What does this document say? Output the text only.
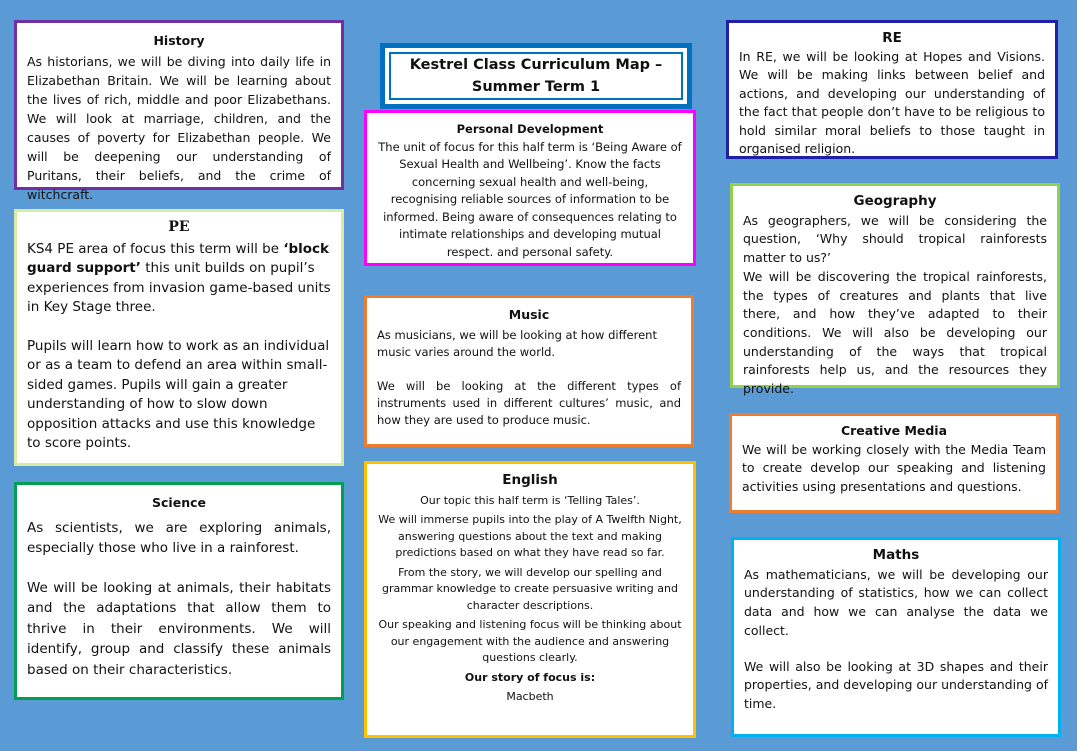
History

As historians, we will be diving into daily life in Elizabethan Britain. We will be learning about the lives of rich, middle and poor Elizabethans. We will look at marriage, children, and the causes of poverty for Elizabethan people. We will be deepening our understanding of Puritans, their beliefs, and the crime of witchcraft.

PE

KS4 PE area of focus this term will be ‘block guard support’ this unit builds on pupil’s experiences from invasion game-based units in Key Stage three.

Pupils will learn how to work as an individual or as a team to defend an area within small-sided games. Pupils will gain a greater understanding of how to slow down opposition attacks and use this knowledge to score points.

Science

As scientists, we are exploring animals, especially those who live in a rainforest.

We will be looking at animals, their habitats and the adaptations that allow them to thrive in their environments. We will identify, group and classify these animals based on their characteristics.

Kestrel Class Curriculum Map –
Summer Term 1
Personal Development

The unit of focus for this half term is ‘Being Aware of Sexual Health and Wellbeing’. Know the facts concerning sexual health and well-being, recognising reliable sources of information to be informed. Being aware of consequences relating to intimate relationships and developing mutual respect. and personal safety.

Music

As musicians, we will be looking at how different music varies around the world.

We will be looking at the different types of instruments used in different cultures’ music, and how they are used to produce music.

English

Our topic this half term is ‘Telling Tales’.

We will immerse pupils into the play of A Twelfth Night, answering questions about the text and making predictions based on what they have read so far.

From the story, we will develop our spelling and grammar knowledge to create persuasive writing and character descriptions.

Our speaking and listening focus will be thinking about our engagement with the audience and answering questions clearly.

Our story of focus is:

Macbeth

RE

In RE, we will be looking at Hopes and Visions. We will be making links between belief and actions, and developing our understanding of the fact that people don’t have to be religious to hold similar moral beliefs to those taught in organised religion.

Geography

As geographers, we will be considering the question, ‘Why should tropical rainforests matter to us?’

We will be discovering the tropical rainforests, the types of creatures and plants that live there, and how they’ve adapted to their conditions. We will also be developing our understanding of the ways that tropical rainforests help us, and the resources they provide.

Creative Media

We will be working closely with the Media Team to create develop our speaking and listening activities using presentations and questions.

Maths

As mathematicians, we will be developing our understanding of statistics, how we can collect data and how we can analyse the data we collect.

We will also be looking at 3D shapes and their properties, and developing our understanding of time.
